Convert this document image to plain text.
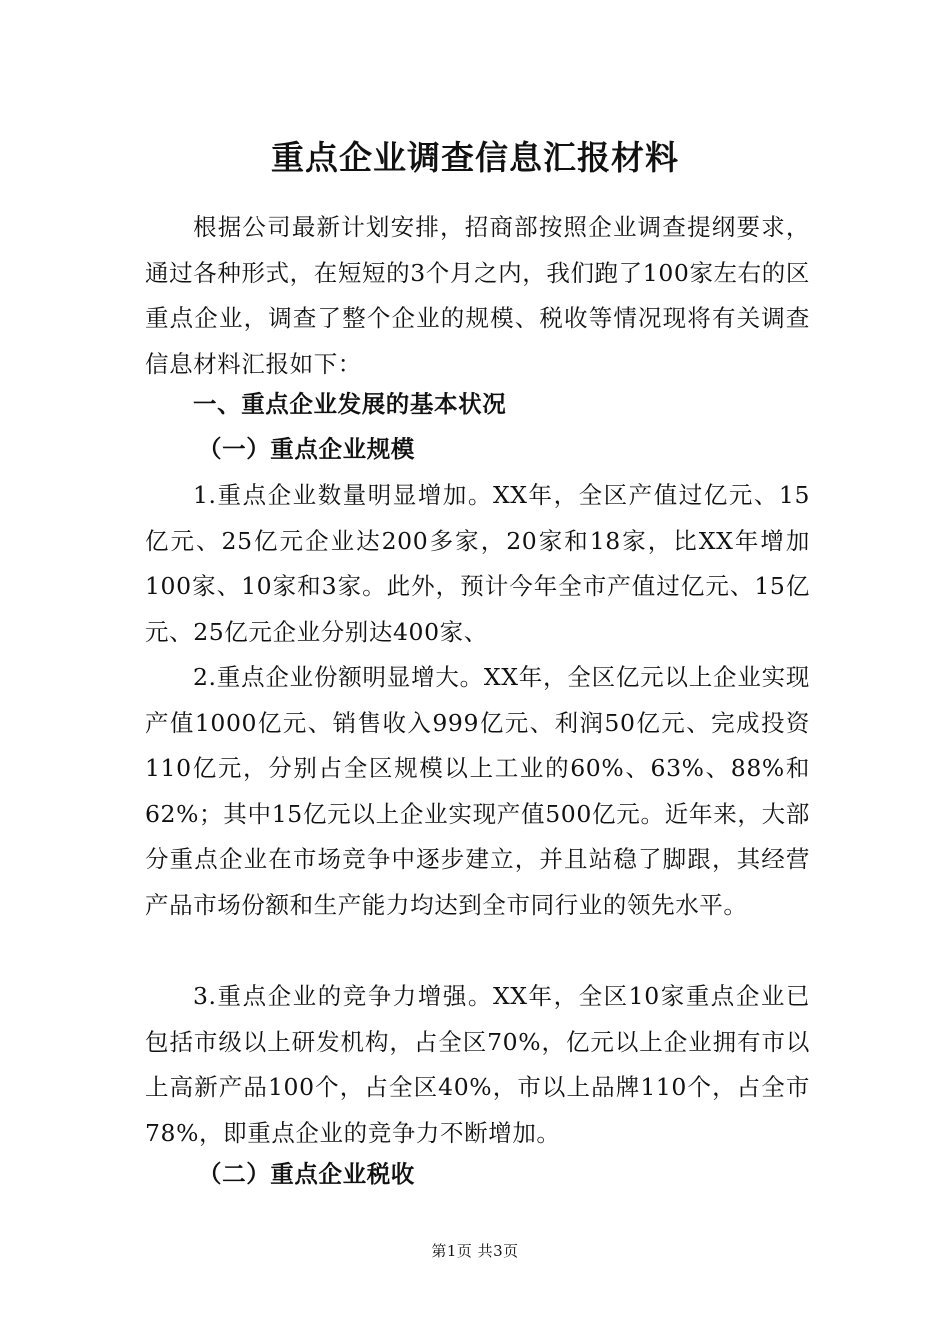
重点企业调查信息汇报材料

根据公司最新计划安排，招商部按照企业调查提纲要求，通过各种形式，在短短的3个月之内，我们跑了100家左右的区重点企业，调查了整个企业的规模、税收等情况现将有关调查信息材料汇报如下：

一、重点企业发展的基本状况
（一）重点企业规模

1.重点企业数量明显增加。XX年，全区产值过亿元、15亿元、25亿元企业达200多家，20家和18家，比XX年增加100家、10家和3家。此外，预计今年全市产值过亿元、15亿元、25亿元企业分别达400家、

2.重点企业份额明显增大。XX年，全区亿元以上企业实现产值1000亿元、销售收入999亿元、利润50亿元、完成投资110亿元，分别占全区规模以上工业的60%、63%、88%和62%；其中15亿元以上企业实现产值500亿元。近年来，大部分重点企业在市场竞争中逐步建立，并且站稳了脚跟，其经营产品市场份额和生产能力均达到全市同行业的领先水平。

3.重点企业的竞争力增强。XX年，全区10家重点企业已包括市级以上研发机构，占全区70%，亿元以上企业拥有市以上高新产品100个，占全区40%，市以上品牌110个，占全市78%，即重点企业的竞争力不断增加。

（二）重点企业税收
第1页 共3页
